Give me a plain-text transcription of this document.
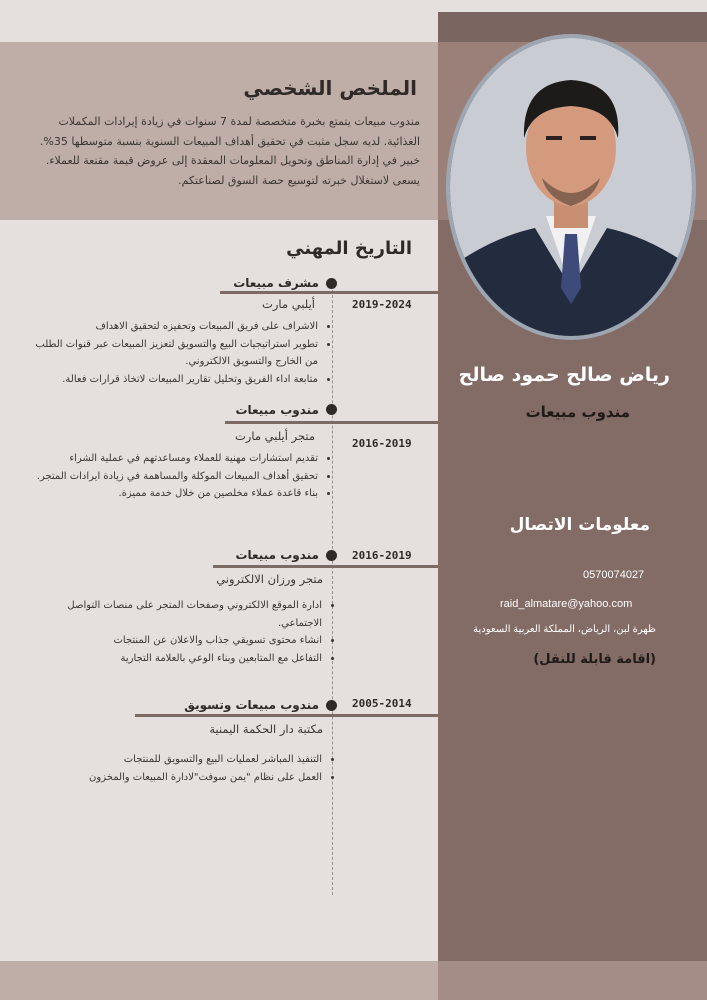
الملخص الشخصي
مندوب مبيعات يتمتع بخبرة متخصصة لمدة 7 سنوات في زيادة إيرادات المكملات الغذائية. لديه سجل مثبت في تحقيق أهداف المبيعات السنوية بنسبة متوسطها 35%. خبير في إدارة المناطق وتحويل المعلومات المعقدة إلى عروض قيمة مقنعة للعملاء. يسعى لاستغلال خبرته لتوسيع حصة السوق لصناعتكم.
التاريخ المهني
مشرف مبيعات
2019-2024
أيلبي مارت
• الاشراف على فريق المبيعات وتحفيزه لتحقيق الاهداف
• تطوير استراتيجيات البيع والتسويق لتعزيز المبيعات عبر قنوات الطلب من الخارج والتسويق الالكتروني.
• متابعة اداء الفريق وتحليل تقارير المبيعات لاتخاذ قرارات فعالة.
مندوب مبيعات
2016-2019
متجر أيلبي مارت
• تقديم استشارات مهنية للعملاء ومساعدتهم في عملية الشراء
• تحقيق أهداف المبيعات الموكلة والمساهمة في زيادة ايرادات المتجر.
• بناء قاعدة عملاء مخلصين من خلال خدمة مميزة.
مندوب مبيعات	2016-2019
متجر ورزان الالكتروني
• ادارة الموقع الالكتروني وصفحات المتجر على منصات التواصل الاجتماعي.
• انشاء محتوى تسويقي جذاب والاعلان عن المنتجات
• التفاعل مع المتابعين وبناء الوعي بالعلامة التجارية
مندوب مبيعات وتسويق	2005-2014
مكتبة دار الحكمة اليمنية
• التنفيذ المباشر لعمليات البيع والتسويق للمنتجات
• العمل على نظام "يمن سوفت"لادارة المبيعات والمخزون
رياض صالح حمود صالح
مندوب مبيعات
معلومات الاتصال
0570074027
raid_almatare@yahoo.com
ظهرة لبن، الرياض، المملكة العربية السعودية
(اقامة قابلة للنقل)
